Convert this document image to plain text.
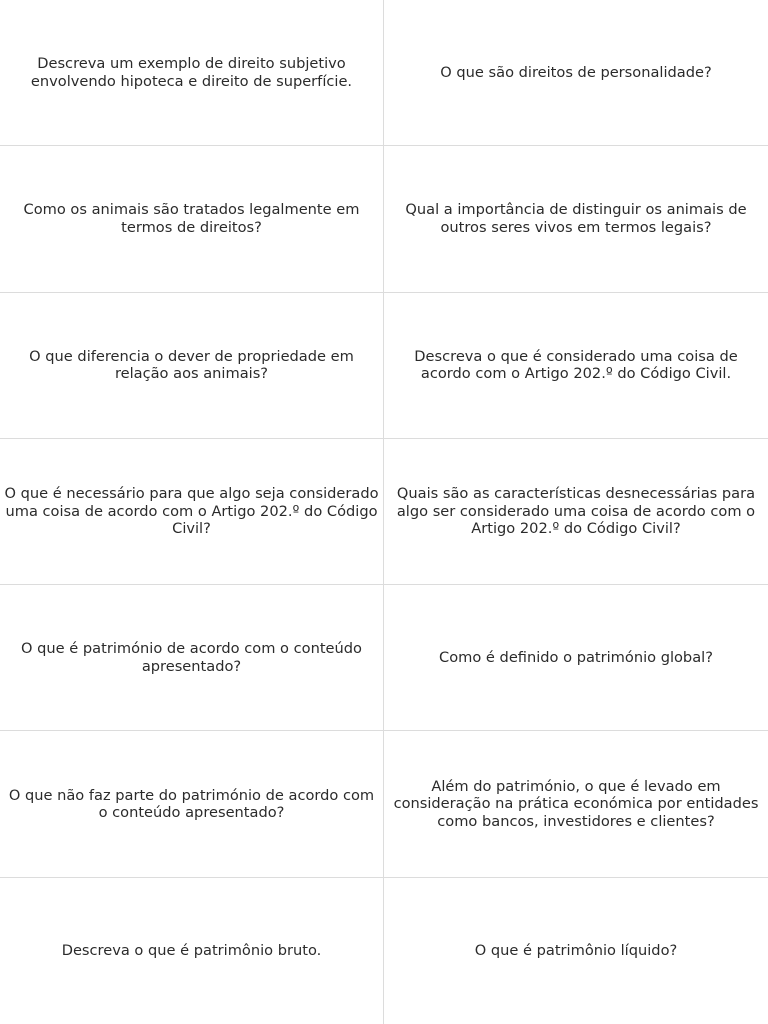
Descreva um exemplo de direito subjetivo envolvendo hipoteca e direito de superfície.
O que são direitos de personalidade?
Como os animais são tratados legalmente em termos de direitos?
Qual a importância de distinguir os animais de outros seres vivos em termos legais?
O que diferencia o dever de propriedade em relação aos animais?
Descreva o que é considerado uma coisa de acordo com o Artigo 202.º do Código Civil.
O que é necessário para que algo seja considerado uma coisa de acordo com o Artigo 202.º do Código Civil?
Quais são as características desnecessárias para algo ser considerado uma coisa de acordo com o Artigo 202.º do Código Civil?
O que é património de acordo com o conteúdo apresentado?
Como é definido o património global?
O que não faz parte do património de acordo com o conteúdo apresentado?
Além do património, o que é levado em consideração na prática económica por entidades como bancos, investidores e clientes?
Descreva o que é patrimônio bruto.	O que é patrimônio líquido?
